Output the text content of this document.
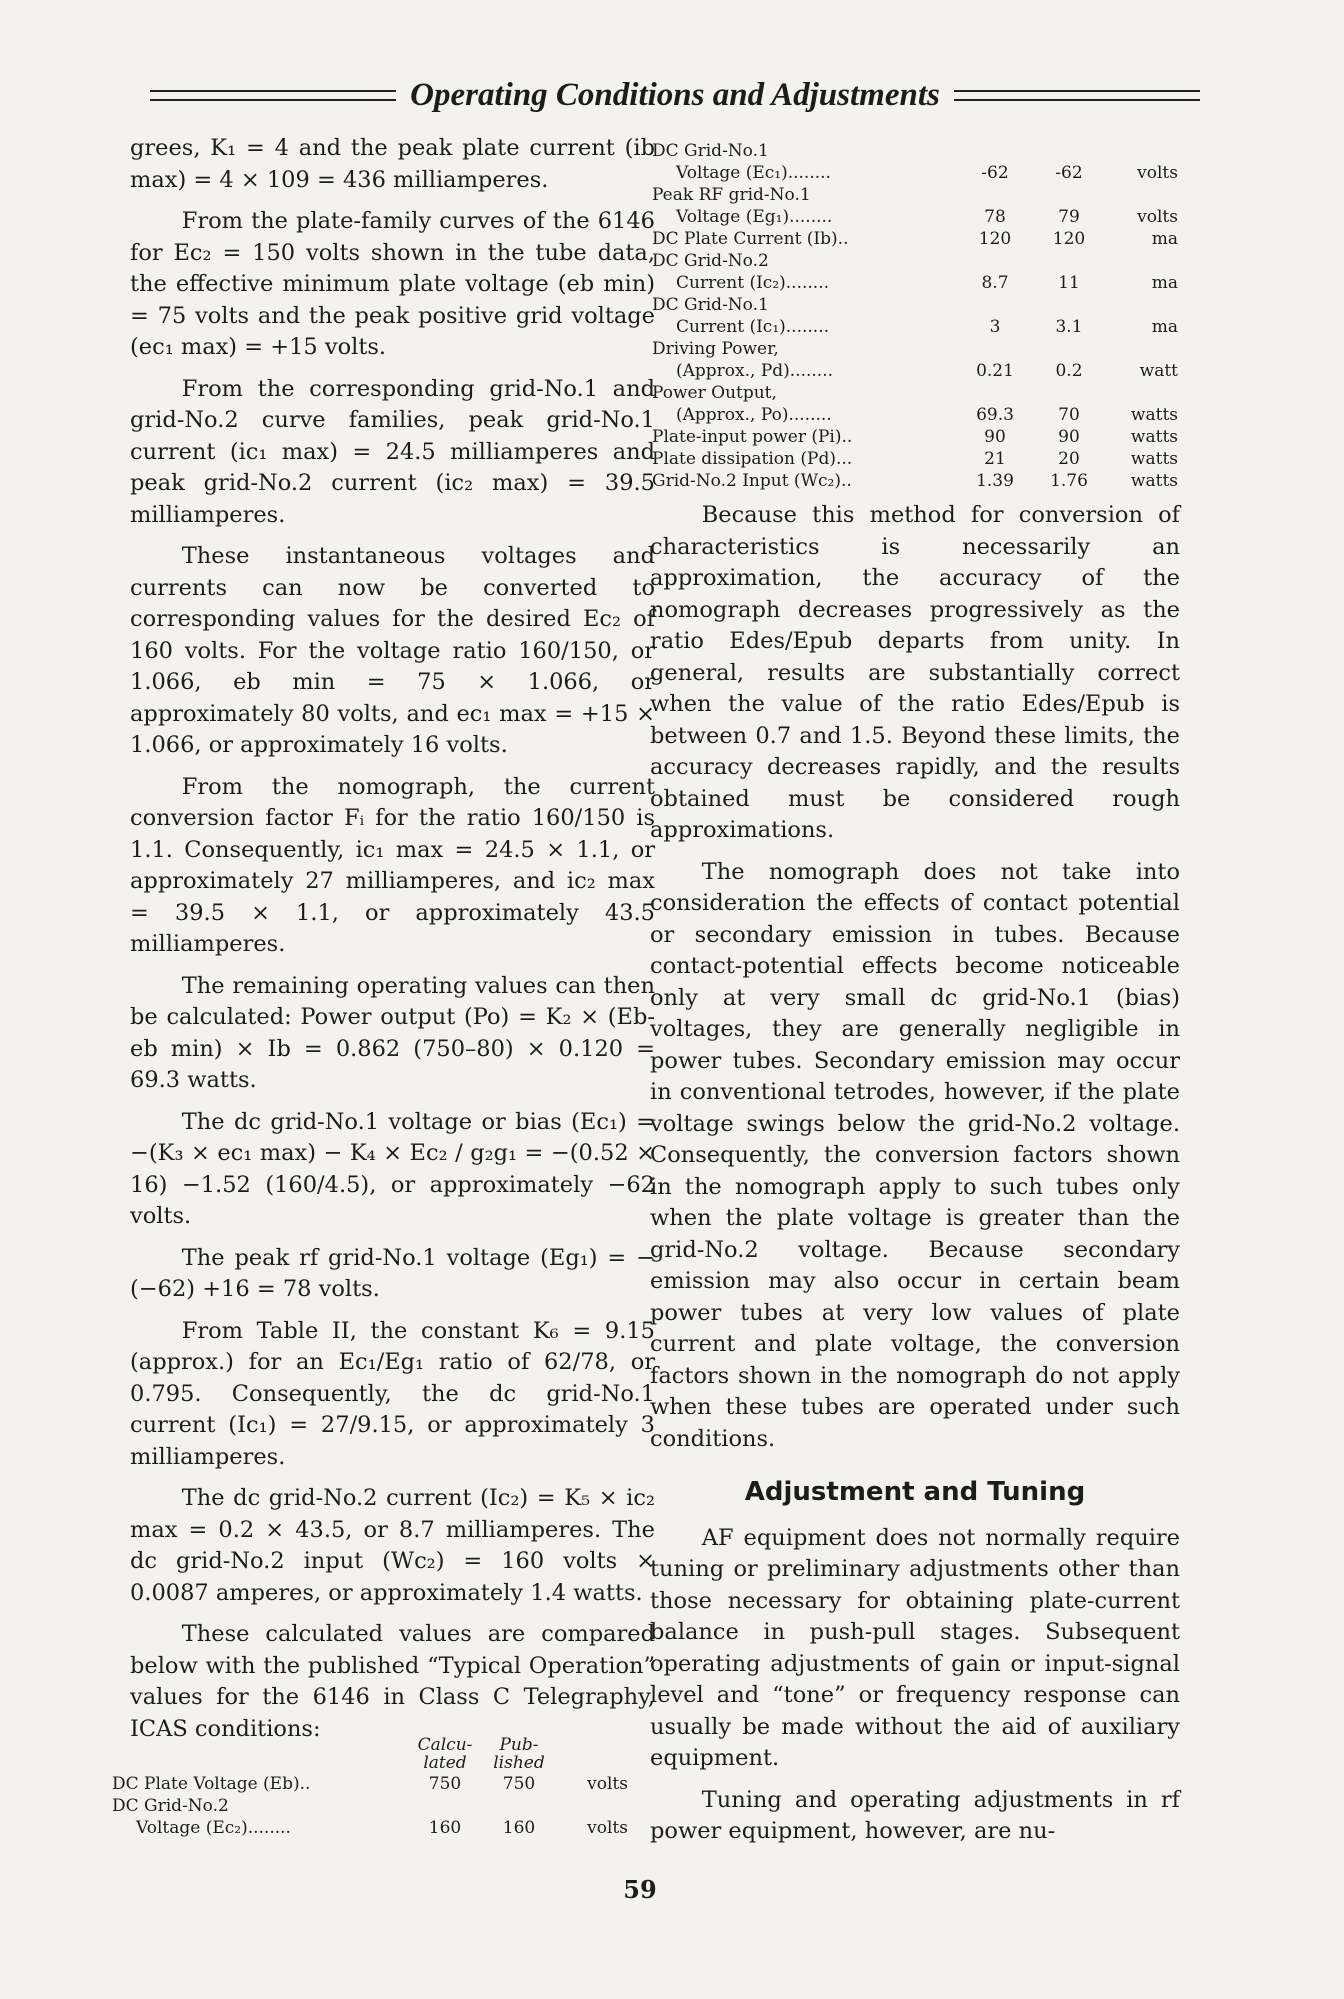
Operating Conditions and Adjustments

grees, K₁ = 4 and the peak plate current (ib max) = 4 × 109 = 436 milliamperes.

From the plate-family curves of the 6146 for Ec₂ = 150 volts shown in the tube data, the effective minimum plate voltage (eb min) = 75 volts and the peak positive grid voltage (ec₁ max) = +15 volts.

From the corresponding grid-No.1 and grid-No.2 curve families, peak grid-No.1 current (ic₁ max) = 24.5 milliamperes and peak grid-No.2 current (ic₂ max) = 39.5 milliamperes.

These instantaneous voltages and currents can now be converted to corresponding values for the desired Ec₂ of 160 volts. For the voltage ratio 160/150, or 1.066, eb min = 75 × 1.066, or approximately 80 volts, and ec₁ max = +15 × 1.066, or approximately 16 volts.

From the nomograph, the current conversion factor Fᵢ for the ratio 160/150 is 1.1. Consequently, ic₁ max = 24.5 × 1.1, or approximately 27 milliamperes, and ic₂ max = 39.5 × 1.1, or approximately 43.5 milliamperes.

The remaining operating values can then be calculated: Power output (Po) = K₂ × (Eb-eb min) × Ib = 0.862 (750–80) × 0.120 = 69.3 watts.

The dc grid-No.1 voltage or bias (Ec₁) = −(K₃ × ec₁ max) − K₄ × Ec₂ / g₂g₁ = −(0.52 × 16) −1.52 (160/4.5), or approximately −62 volts.

The peak rf grid-No.1 voltage (Eg₁) = −(−62) +16 = 78 volts.

From Table II, the constant K₆ = 9.15 (approx.) for an Ec₁/Eg₁ ratio of 62/78, or 0.795. Consequently, the dc grid-No.1 current (Ic₁) = 27/9.15, or approximately 3 milliamperes.

The dc grid-No.2 current (Ic₂) = K₅ × ic₂ max = 0.2 × 43.5, or 8.7 milliamperes. The dc grid-No.2 input (Wc₂) = 160 volts × 0.0087 amperes, or approximately 1.4 watts.

These calculated values are compared below with the published “Typical Operation” values for the 6146 in Class C Telegraphy, ICAS conditions:

	Calcu- lated	Pub- lished	
DC Plate Voltage (Eb)..	750	750	volts
DC Grid-No.2			
Voltage (Ec₂)........	160	160	volts
DC Grid-No.1			
Voltage (Ec₁)........	-62	-62	volts
Peak RF grid-No.1			
Voltage (Eg₁)........	78	79	volts
DC Plate Current (Ib)..	120	120	ma
DC Grid-No.2			
Current (Ic₂)........	8.7	11	ma
DC Grid-No.1			
Current (Ic₁)........	3	3.1	ma
Driving Power,			
(Approx., Pd)........	0.21	0.2	watt
Power Output,			
(Approx., Po)........	69.3	70	watts
Plate-input power (Pi)..	90	90	watts
Plate dissipation (Pd)...	21	20	watts
Grid-No.2 Input (Wc₂)..	1.39	1.76	watts

Because this method for conversion of characteristics is necessarily an approximation, the accuracy of the nomograph decreases progressively as the ratio Edes/Epub departs from unity. In general, results are substantially correct when the value of the ratio Edes/Epub is between 0.7 and 1.5. Beyond these limits, the accuracy decreases rapidly, and the results obtained must be considered rough approximations.

The nomograph does not take into consideration the effects of contact potential or secondary emission in tubes. Because contact-potential effects become noticeable only at very small dc grid-No.1 (bias) voltages, they are generally negligible in power tubes. Secondary emission may occur in conventional tetrodes, however, if the plate voltage swings below the grid-No.2 voltage. Consequently, the conversion factors shown in the nomograph apply to such tubes only when the plate voltage is greater than the grid-No.2 voltage. Because secondary emission may also occur in certain beam power tubes at very low values of plate current and plate voltage, the conversion factors shown in the nomograph do not apply when these tubes are operated under such conditions.

Adjustment and Tuning

AF equipment does not normally require tuning or preliminary adjustments other than those necessary for obtaining plate-current balance in push-pull stages. Subsequent operating adjustments of gain or input-signal level and “tone” or frequency response can usually be made without the aid of auxiliary equipment.

Tuning and operating adjustments in rf power equipment, however, are nu-

59
